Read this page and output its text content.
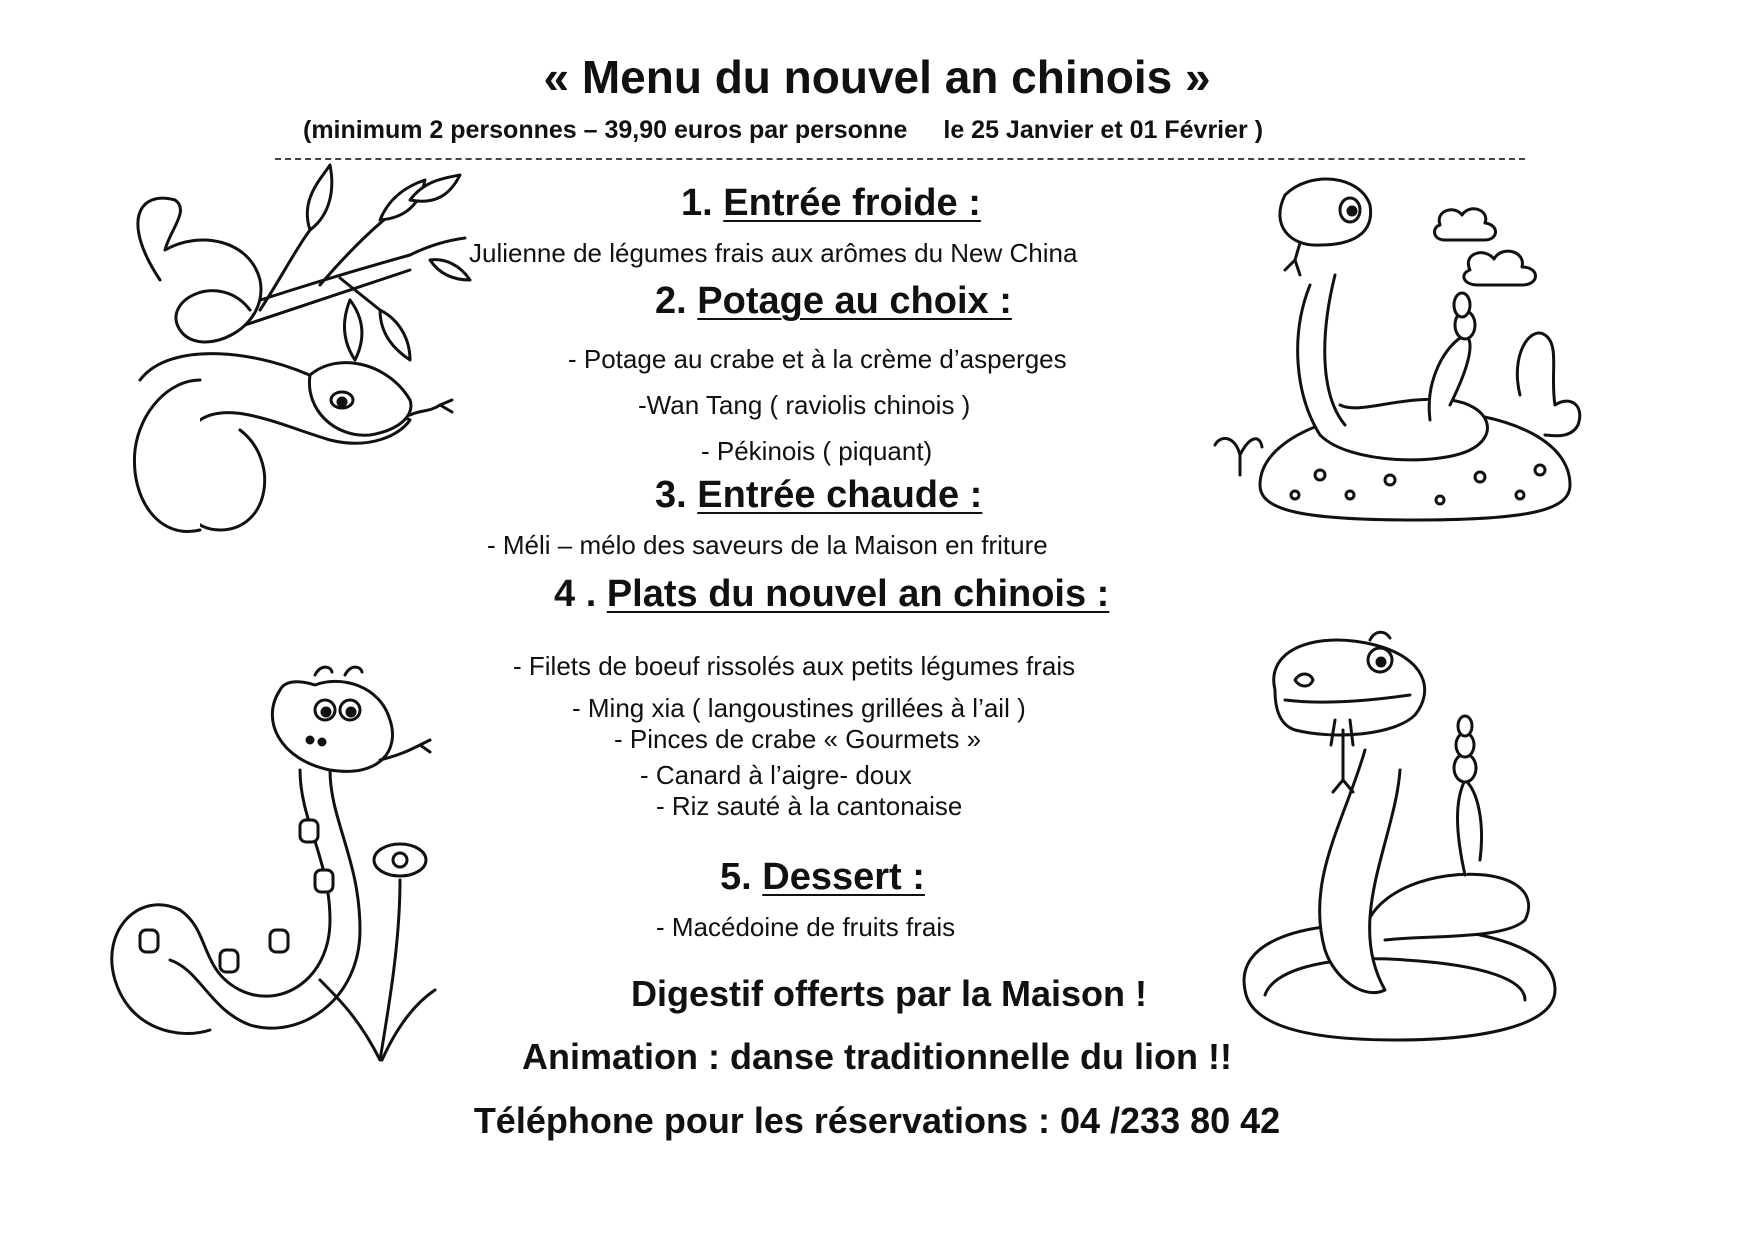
« Menu du nouvel an chinois »
(minimum 2 personnes – 39,90 euros par personne le 25 Janvier et 01 Février )
1. Entrée froide :
Julienne de légumes frais aux arômes du New China
2. Potage au choix :
- Potage au crabe et à la crème d’asperges
-Wan Tang ( raviolis chinois )
- Pékinois ( piquant)
3. Entrée chaude :
- Méli – mélo des saveurs de la Maison en friture
4 . Plats du nouvel an chinois :
- Filets de boeuf rissolés aux petits légumes frais
- Ming xia ( langoustines grillées à l’ail )
- Pinces de crabe « Gourmets »
- Canard à l’aigre- doux
- Riz sauté à la cantonaise
5. Dessert :
- Macédoine de fruits frais
Digestif offerts par la Maison !
Animation : danse traditionnelle du lion !!
Téléphone pour les réservations : 04 /233 80 42
